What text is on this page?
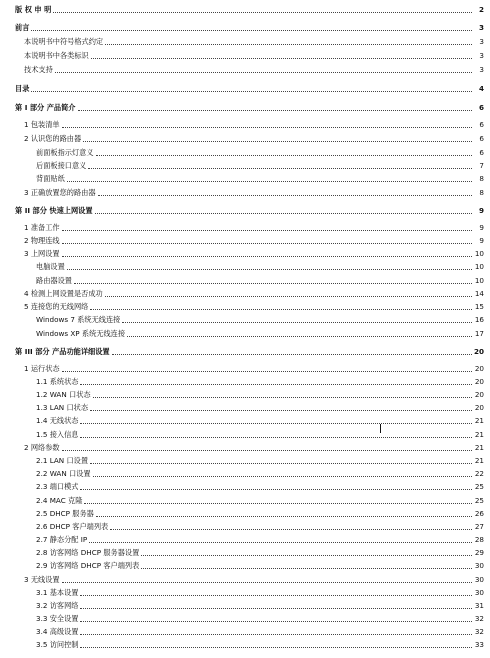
版 权 申 明	2
前言	3
本说明书中符号格式约定	3
本说明书中各类标识	3
技术支持	3
目录	4
第 I 部分 产品简介	6
1 包装清单	6
2 认识您的路由器	6
前面板指示灯意义	6
后面板接口意义	7
背面贴纸	8
3 正确放置您的路由器	8
第 II 部分 快速上网设置	9
1 准备工作	9
2 物理连线	9
3 上网设置	10
电脑设置	10
路由器设置	10
4 检测上网设置是否成功	14
5 连接您的无线网络	15
Windows 7 系统无线连接	16
Windows XP 系统无线连接	17
第 III 部分 产品功能详细设置	20
1 运行状态	20
1.1 系统状态	20
1.2 WAN 口状态	20
1.3 LAN 口状态	20
1.4 无线状态	21
1.5 接入信息	21
2 网络参数	21
2.1 LAN 口设置	21
2.2 WAN 口设置	22
2.3 端口模式	25
2.4 MAC 克隆	25
2.5 DHCP 服务器	26
2.6 DHCP 客户端列表	27
2.7 静态分配 IP	28
2.8 访客网络 DHCP 服务器设置	29
2.9 访客网络 DHCP 客户端列表	30
3 无线设置	30
3.1 基本设置	30
3.2 访客网络	31
3.3 安全设置	32
3.4 高级设置	32
3.5 访问控制	33
